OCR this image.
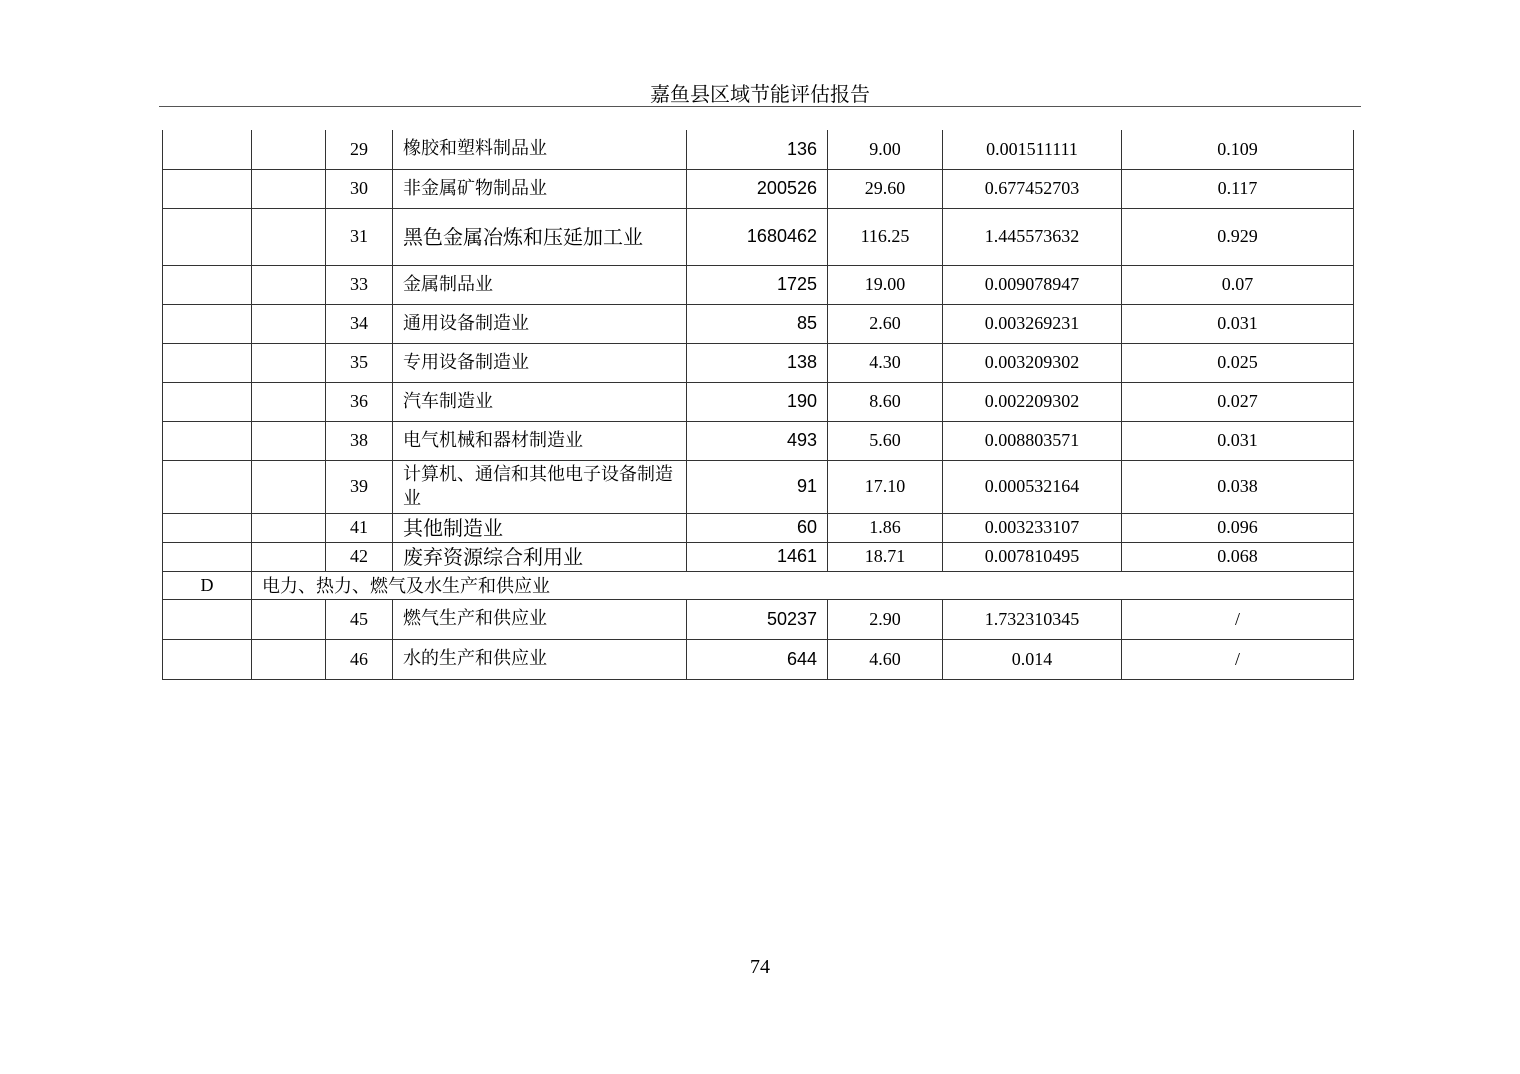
嘉鱼县区域节能评估报告
		29	橡胶和塑料制品业	136	9.00	0.001511111	0.109
		30	非金属矿物制品业	200526	29.60	0.677452703	0.117
		31	黑色金属冶炼和压延加工业	1680462	116.25	1.445573632	0.929
		33	金属制品业	1725	19.00	0.009078947	0.07
		34	通用设备制造业	85	2.60	0.003269231	0.031
		35	专用设备制造业	138	4.30	0.003209302	0.025
		36	汽车制造业	190	8.60	0.002209302	0.027
		38	电气机械和器材制造业	493	5.60	0.008803571	0.031
		39	计算机、通信和其他电子设备制造业	91	17.10	0.000532164	0.038
		41	其他制造业	60	1.86	0.003233107	0.096
		42	废弃资源综合利用业	1461	18.71	0.007810495	0.068
D	电力、热力、燃气及水生产和供应业						
		45	燃气生产和供应业	50237	2.90	1.732310345	/
		46	水的生产和供应业	644	4.60	0.014	/
74
